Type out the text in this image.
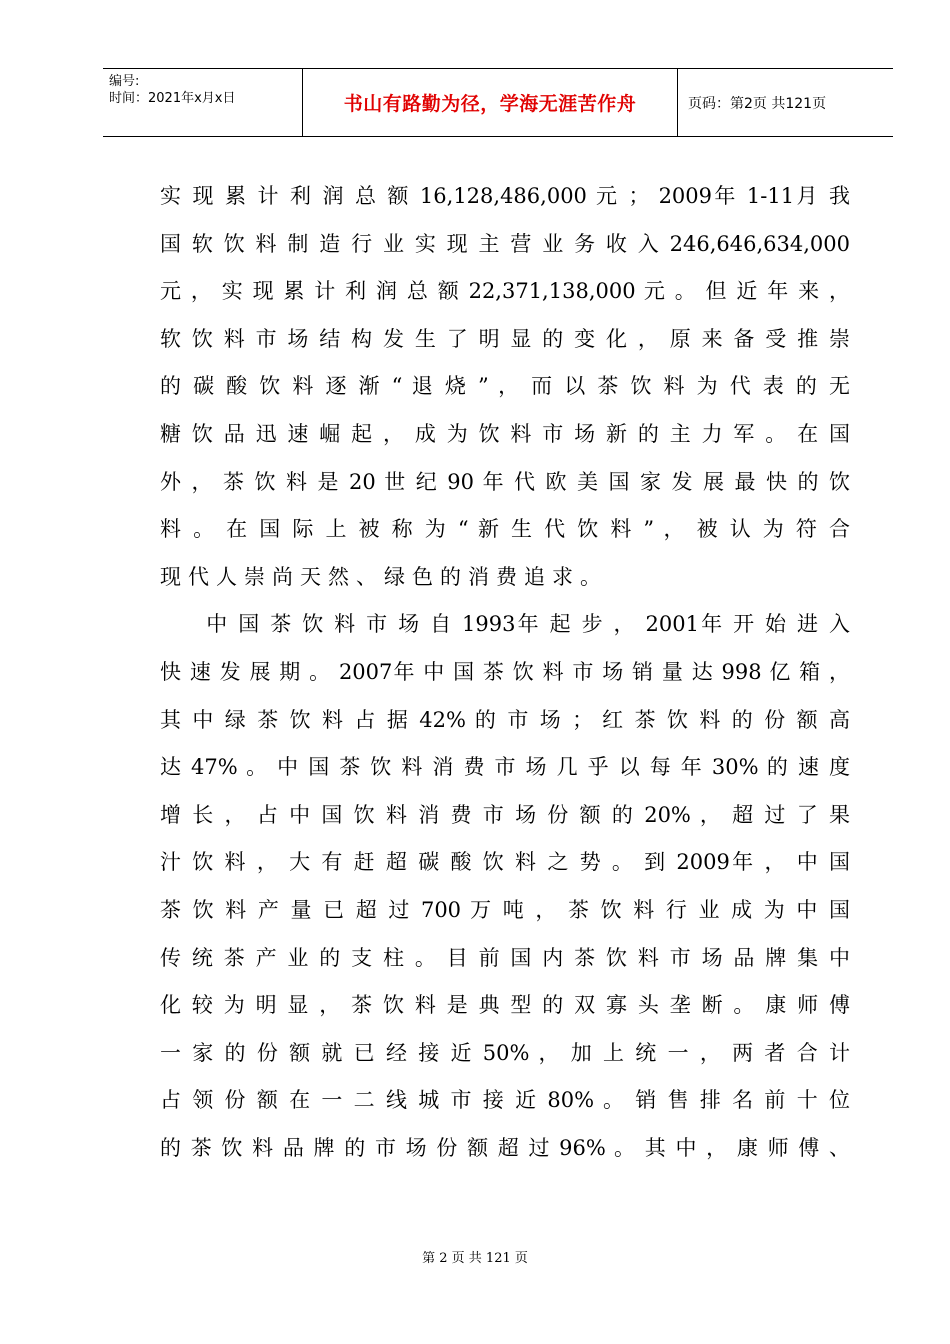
编号:
时间：2021年x月x日	书山有路勤为径，学海无涯苦作舟	页码：第2页 共121页
实 现 累 计 利 润 总 额 16,128,486,000 元 ； 2009年 1-11月 我
国 软 饮 料 制 造 行 业 实 现 主 营 业 务 收 入 246,646,634,000
元 ， 实 现 累 计 利 润 总 额 22,371,138,000 元 。 但 近 年 来 ，
软 饮 料 市 场 结 构 发 生 了 明 显 的 变 化 ， 原 来 备 受 推 崇
的 碳 酸 饮 料 逐 渐 “ 退 烧 ” ， 而 以 茶 饮 料 为 代 表 的 无
糖 饮 品 迅 速 崛 起 ， 成 为 饮 料 市 场 新 的 主 力 军 。 在 国
外 ， 茶 饮 料 是 20 世 纪 90 年 代 欧 美 国 家 发 展 最 快 的 饮
料 。 在 国 际 上 被 称 为 “ 新 生 代 饮 料 ” ， 被 认 为 符 合
现代人崇尚天然、绿色的消费追求。
　　中 国 茶 饮 料 市 场 自 1993年 起 步 ， 2001年 开 始 进 入
快 速 发 展 期 。 2007年 中 国 茶 饮 料 市 场 销 量 达 998 亿 箱 ，
其 中 绿 茶 饮 料 占 据 42% 的 市 场 ； 红 茶 饮 料 的 份 额 高
达 47% 。 中 国 茶 饮 料 消 费 市 场 几 乎 以 每 年 30% 的 速 度
增 长 ， 占 中 国 饮 料 消 费 市 场 份 额 的 20% ， 超 过 了 果
汁 饮 料 ， 大 有 赶 超 碳 酸 饮 料 之 势 。 到 2009年 ， 中 国
茶 饮 料 产 量 已 超 过 700 万 吨 ， 茶 饮 料 行 业 成 为 中 国
传 统 茶 产 业 的 支 柱 。 目 前 国 内 茶 饮 料 市 场 品 牌 集 中
化 较 为 明 显 ， 茶 饮 料 是 典 型 的 双 寡 头 垄 断 。 康 师 傅
一 家 的 份 额 就 已 经 接 近 50% ， 加 上 统 一 ， 两 者 合 计
占 领 份 额 在 一 二 线 城 市 接 近 80% 。 销 售 排 名 前 十 位
的 茶 饮 料 品 牌 的 市 场 份 额 超 过 96% 。 其 中 ， 康 师 傅 、
第 2 页 共 121 页
